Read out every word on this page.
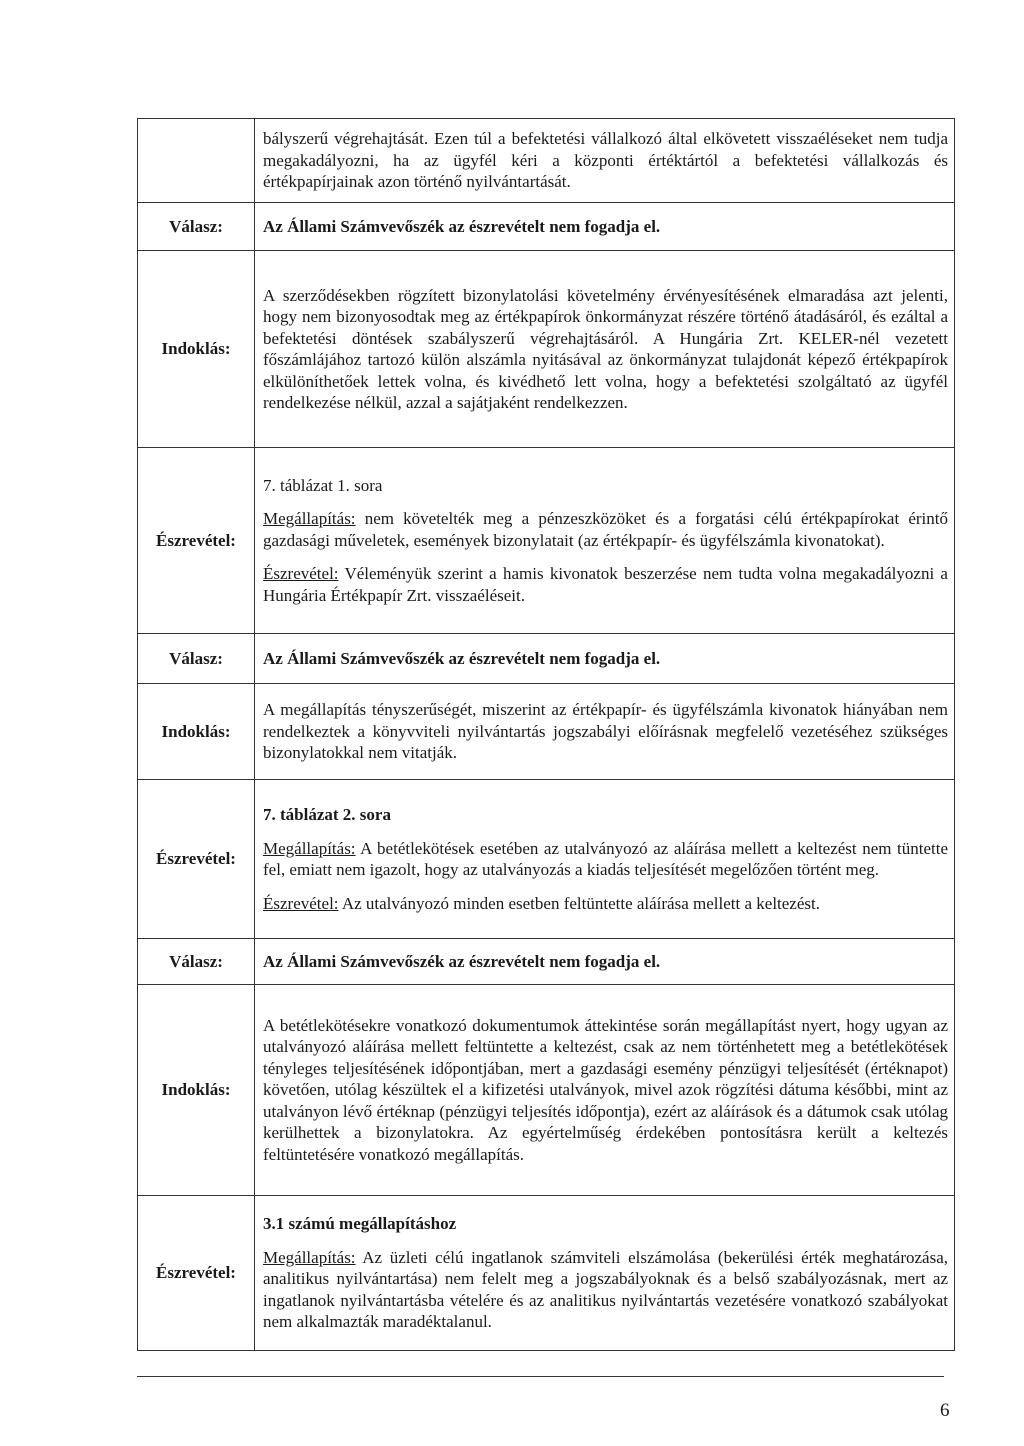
	bályszerű végrehajtását. Ezen túl a befektetési vállalkozó által elkövetett visszaéléseket nem tudja megakadályozni, ha az ügyfél kéri a központi értéktártól a befektetési vállalkozás és értékpapírjainak azon történő nyilvántartását.

Válasz:	Az Állami Számvevőszék az észrevételt nem fogadja el.

Indoklás:	A szerződésekben rögzített bizonylatolási követelmény érvényesítésének elmaradása azt jelenti, hogy nem bizonyosodtak meg az értékpapírok önkormányzat részére történő átadásáról, és ezáltal a befektetési döntések szabályszerű végrehajtásáról. A Hungária Zrt. KELER-nél vezetett főszámlájához tartozó külön alszámla nyitásával az önkormányzat tulajdonát képező értékpapírok elkülöníthetőek lettek volna, és kivédhető lett volna, hogy a befektetési szolgáltató az ügyfél rendelkezése nélkül, azzal a sajátjaként rendelkezzen.

Észrevétel:	7. táblázat 1. sora

Megállapítás: nem követelték meg a pénzeszközöket és a forgatási célú értékpapírokat érintő gazdasági műveletek, események bizonylatait (az értékpapír- és ügyfélszámla kivonatokat).

Észrevétel: Véleményük szerint a hamis kivonatok beszerzése nem tudta volna megakadályozni a Hungária Értékpapír Zrt. visszaéléseit.

Válasz:	Az Állami Számvevőszék az észrevételt nem fogadja el.

Indoklás:	A megállapítás tényszerűségét, miszerint az értékpapír- és ügyfélszámla kivonatok hiányában nem rendelkeztek a könyvviteli nyilvántartás jogszabályi előírásnak megfelelő vezetéséhez szükséges bizonylatokkal nem vitatják.

Észrevétel:	7. táblázat 2. sora

Megállapítás: A betétlekötések esetében az utalványozó az aláírása mellett a keltezést nem tüntette fel, emiatt nem igazolt, hogy az utalványozás a kiadás teljesítését megelőzően történt meg.

Észrevétel: Az utalványozó minden esetben feltüntette aláírása mellett a keltezést.

Válasz:	Az Állami Számvevőszék az észrevételt nem fogadja el.

Indoklás:	A betétlekötésekre vonatkozó dokumentumok áttekintése során megállapítást nyert, hogy ugyan az utalványozó aláírása mellett feltüntette a keltezést, csak az nem történhetett meg a betétlekötések tényleges teljesítésének időpontjában, mert a gazdasági esemény pénzügyi teljesítését (értéknapot) követően, utólag készültek el a kifizetési utalványok, mivel azok rögzítési dátuma későbbi, mint az utalványon lévő értéknap (pénzügyi teljesítés időpontja), ezért az aláírások és a dátumok csak utólag kerülhettek a bizonylatokra. Az egyértelműség érdekében pontosításra került a keltezés feltüntetésére vonatkozó megállapítás.

Észrevétel:	3.1 számú megállapításhoz

Megállapítás: Az üzleti célú ingatlanok számviteli elszámolása (bekerülési érték meghatározása, analitikus nyilvántartása) nem felelt meg a jogszabályoknak és a belső szabályozásnak, mert az ingatlanok nyilvántartásba vételére és az analitikus nyilvántartás vezetésére vonatkozó szabályokat nem alkalmazták maradéktalanul.

6
